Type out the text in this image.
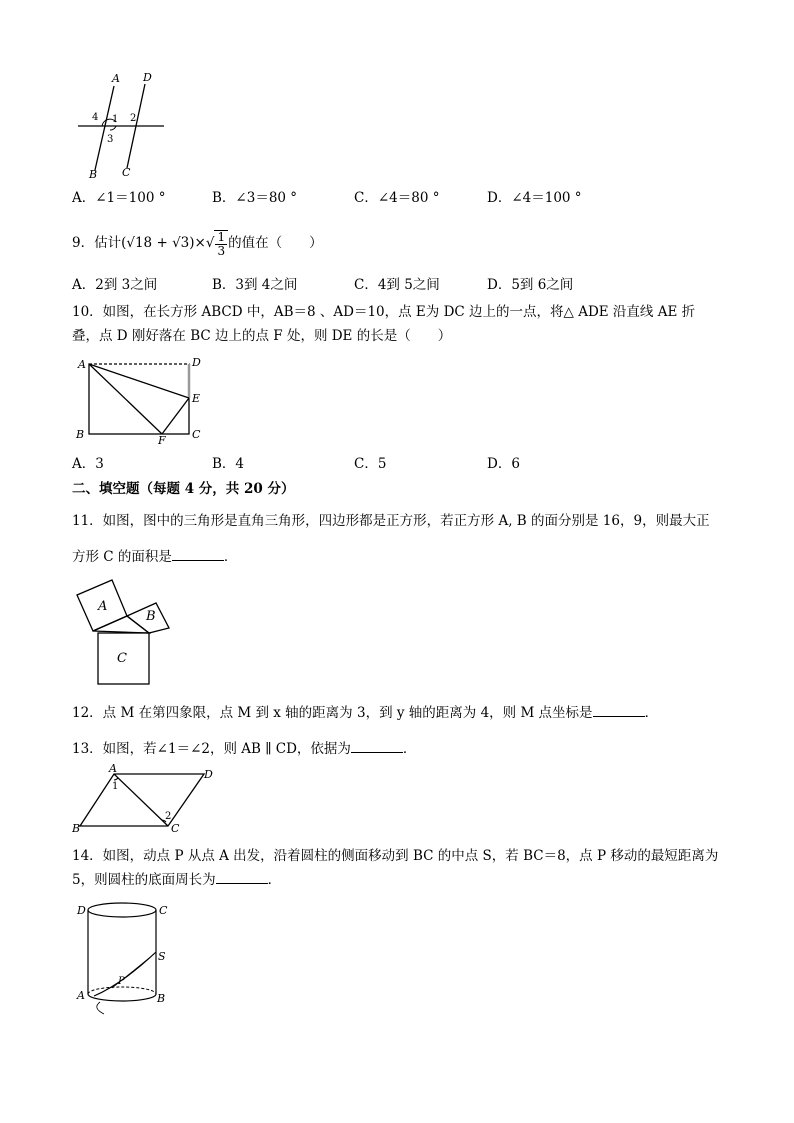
A D
4 1 2
3
B C
A．∠1＝100 °	B．∠3＝80 °	C．∠4＝80 °	D．∠4＝100 °
9．估计$(√18 + √3)\times√ \frac{1}{3}$ 的值在（　　）
A．2到 3之间	B．3到 4之间	C．4到 5之间	D．5到 6之间
10．如图，在长方形 ABCD 中，AB＝8 、AD＝10，点 E为 DC 边上的一点，将△ ADE 沿直线 AE 折
叠，点 D 刚好落在 BC 边上的点 F 处，则 DE 的长是（　　）
A	D
E
B	F C
A．3	B．4	C．5	D．6
二、填空题（每题 4 分，共 20 分）
11．如图，图中的三角形是直角三角形，四边形都是正方形，若正方形 A, B 的面分别是 16，9，则最大正
方形 C 的面积是	．
A
B
C
12．点 M 在第四象限，点 M 到 x 轴的距离为 3，到 y 轴的距离为 4，则 M 点坐标是	．
13．如图，若∠1＝∠2，则 AB ∥ CD，依据为	．
A
1
D
2
B	C
14．如图，动点 P 从点 A 出发，沿着圆柱的侧面移动到 BC 的中点 S，若 BC＝8，点 P 移动的最短距离为
5，则圆柱的底面周长为	．
D	C
S
P
A	B
